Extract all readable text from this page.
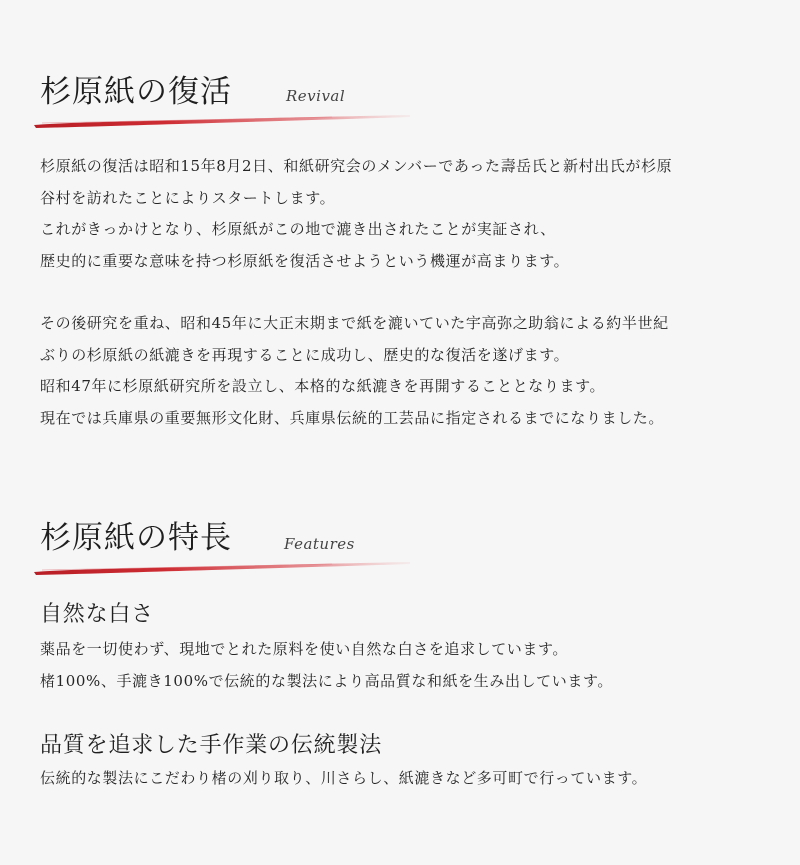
杉原紙の復活	Revival
杉原紙の復活は昭和15年8月2日、和紙研究会のメンバーであった壽岳氏と新村出氏が杉原
谷村を訪れたことによりスタートします。
これがきっかけとなり、杉原紙がこの地で漉き出されたことが実証され、
歴史的に重要な意味を持つ杉原紙を復活させようという機運が高まります。
その後研究を重ね、昭和45年に大正末期まで紙を漉いていた宇高弥之助翁による約半世紀
ぶりの杉原紙の紙漉きを再現することに成功し、歴史的な復活を遂げます。
昭和47年に杉原紙研究所を設立し、本格的な紙漉きを再開することとなります。
現在では兵庫県の重要無形文化財、兵庫県伝統的工芸品に指定されるまでになりました。
杉原紙の特長	Features
自然な白さ
薬品を一切使わず、現地でとれた原料を使い自然な白さを追求しています。
楮100%、手漉き100%で伝統的な製法により高品質な和紙を生み出しています。
品質を追求した手作業の伝統製法
伝統的な製法にこだわり楮の刈り取り、川さらし、紙漉きなど多可町で行っています。
